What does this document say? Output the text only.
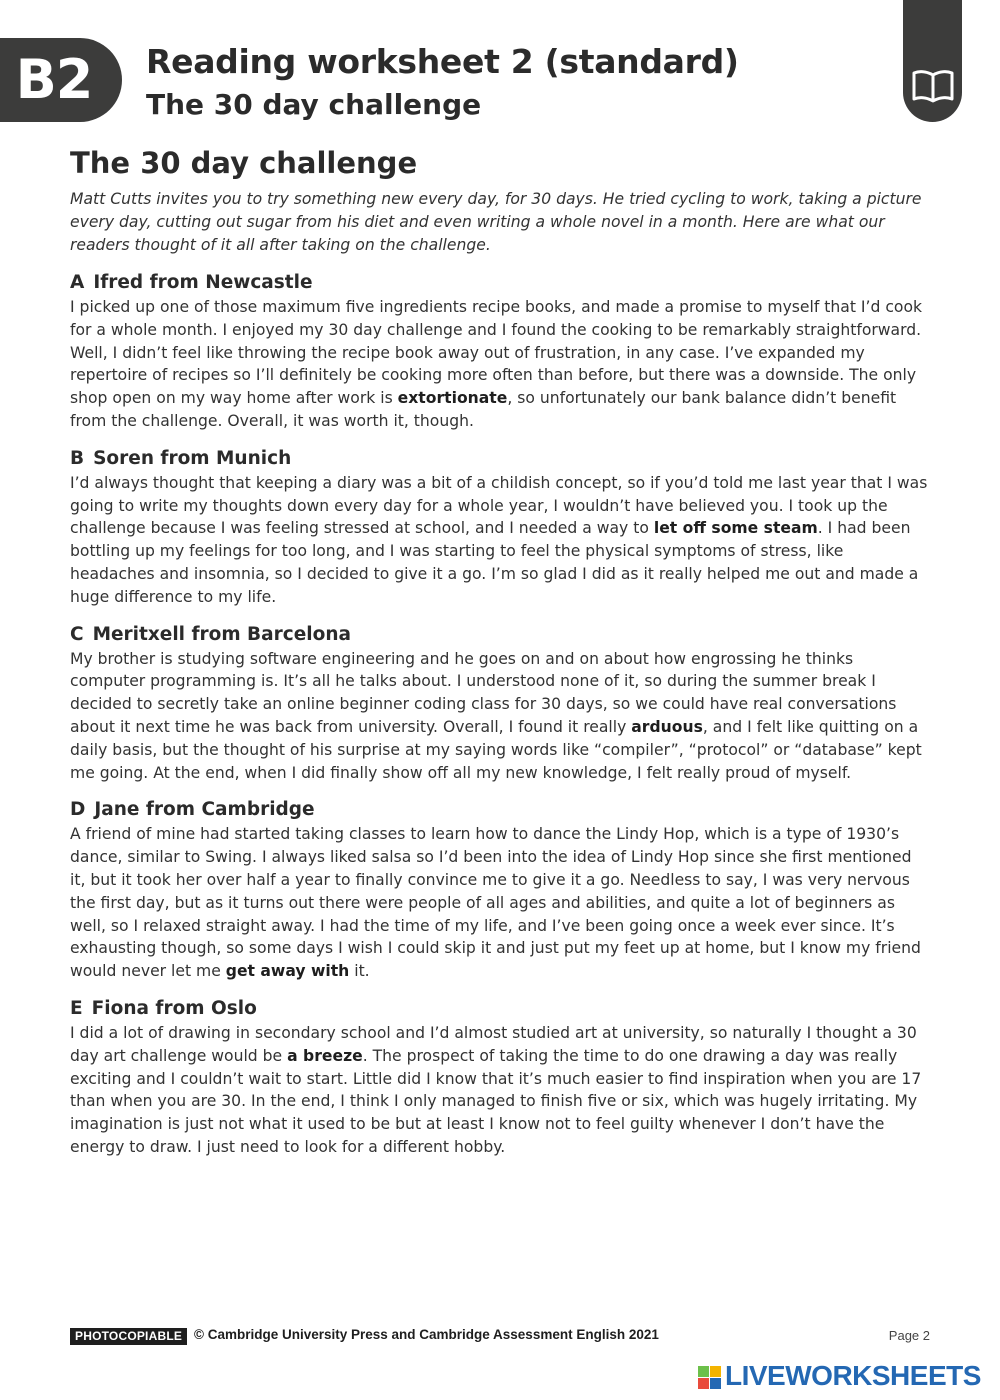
B2	Reading worksheet 2 (standard)
The 30 day challenge
The 30 day challenge

Matt Cutts invites you to try something new every day, for 30 days. He tried cycling to work, taking a picture every day, cutting out sugar from his diet and even writing a whole novel in a month. Here are what our readers thought of it all after taking on the challenge.

A Ifred from Newcastle

I picked up one of those maximum five ingredients recipe books, and made a promise to myself that I’d cook for a whole month. I enjoyed my 30 day challenge and I found the cooking to be remarkably straightforward. Well, I didn’t feel like throwing the recipe book away out of frustration, in any case. I’ve expanded my repertoire of recipes so I’ll definitely be cooking more often than before, but there was a downside. The only shop open on my way home after work is extortionate, so unfortunately our bank balance didn’t benefit from the challenge. Overall, it was worth it, though.

B Soren from Munich

I’d always thought that keeping a diary was a bit of a childish concept, so if you’d told me last year that I was going to write my thoughts down every day for a whole year, I wouldn’t have believed you. I took up the challenge because I was feeling stressed at school, and I needed a way to let off some steam. I had been bottling up my feelings for too long, and I was starting to feel the physical symptoms of stress, like headaches and insomnia, so I decided to give it a go. I’m so glad I did as it really helped me out and made a huge difference to my life.

C Meritxell from Barcelona

My brother is studying software engineering and he goes on and on about how engrossing he thinks computer programming is. It’s all he talks about. I understood none of it, so during the summer break I decided to secretly take an online beginner coding class for 30 days, so we could have real conversations about it next time he was back from university. Overall, I found it really arduous, and I felt like quitting on a daily basis, but the thought of his surprise at my saying words like “compiler”, “protocol” or “database” kept me going. At the end, when I did finally show off all my new knowledge, I felt really proud of myself.

D Jane from Cambridge

A friend of mine had started taking classes to learn how to dance the Lindy Hop, which is a type of 1930’s dance, similar to Swing. I always liked salsa so I’d been into the idea of Lindy Hop since she first mentioned it, but it took her over half a year to finally convince me to give it a go. Needless to say, I was very nervous the first day, but as it turns out there were people of all ages and abilities, and quite a lot of beginners as well, so I relaxed straight away. I had the time of my life, and I’ve been going once a week ever since. It’s exhausting though, so some days I wish I could skip it and just put my feet up at home, but I know my friend would never let me get away with it.

E Fiona from Oslo

I did a lot of drawing in secondary school and I’d almost studied art at university, so naturally I thought a 30 day art challenge would be a breeze. The prospect of taking the time to do one drawing a day was really exciting and I couldn’t wait to start. Little did I know that it’s much easier to find inspiration when you are 17 than when you are 30. In the end, I think I only managed to finish five or six, which was hugely irritating. My imagination is just not what it used to be but at least I know not to feel guilty whenever I don’t have the energy to draw. I just need to look for a different hobby.

PHOTOCOPIABLE © Cambridge University Press and Cambridge Assessment English 2021	Page 2
LIVEWORKSHEETS
